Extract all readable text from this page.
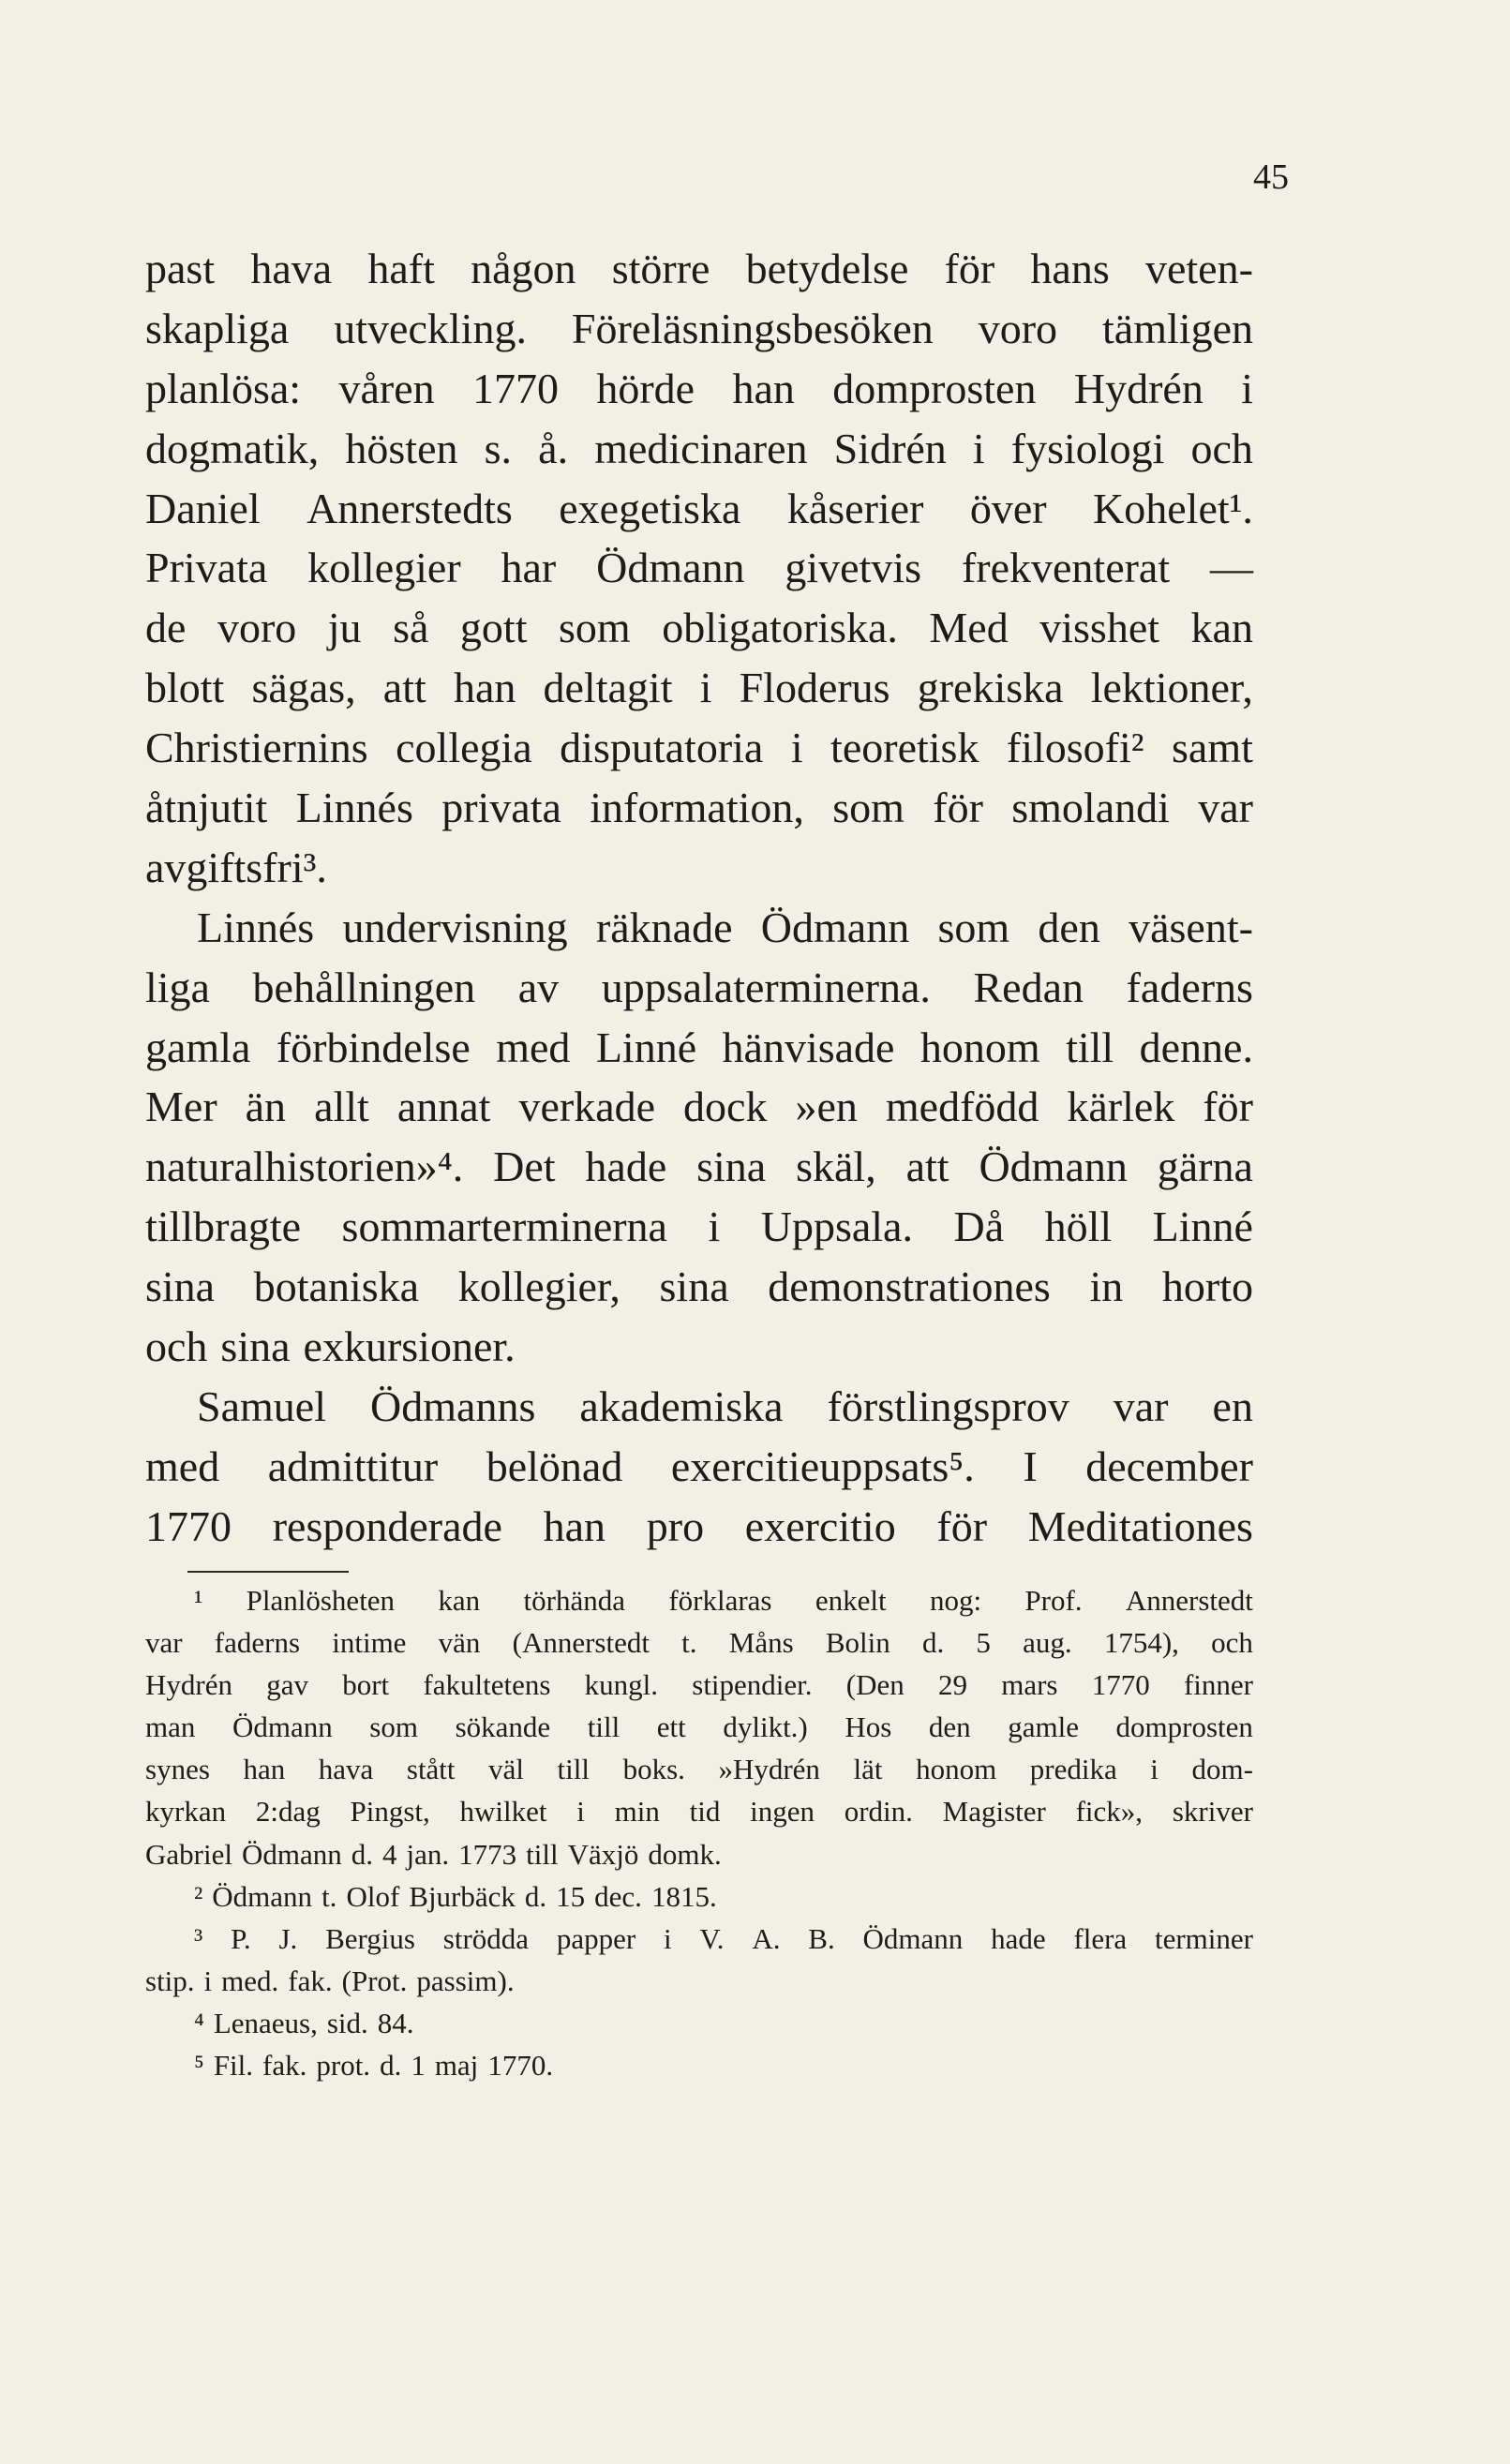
45
past hava haft någon större betydelse för hans veten-
skapliga utveckling. Föreläsningsbesöken voro tämligen
planlösa: våren 1770 hörde han domprosten Hydrén i
dogmatik, hösten s. å. medicinaren Sidrén i fysiologi och
Daniel Annerstedts exegetiska kåserier över Kohelet¹.
Privata kollegier har Ödmann givetvis frekventerat —
de voro ju så gott som obligatoriska. Med visshet kan
blott sägas, att han deltagit i Floderus grekiska lektioner,
Christiernins collegia disputatoria i teoretisk filosofi² samt
åtnjutit Linnés privata information, som för smolandi var
avgiftsfri³.
Linnés undervisning räknade Ödmann som den väsent-
liga behållningen av uppsalaterminerna. Redan faderns
gamla förbindelse med Linné hänvisade honom till denne.
Mer än allt annat verkade dock »en medfödd kärlek för
naturalhistorien»⁴. Det hade sina skäl, att Ödmann gärna
tillbragte sommarterminerna i Uppsala. Då höll Linné
sina botaniska kollegier, sina demonstrationes in horto
och sina exkursioner.
Samuel Ödmanns akademiska förstlingsprov var en
med admittitur belönad exercitieuppsats⁵. I december
1770 responderade han pro exercitio för Meditationes
¹ Planlösheten kan törhända förklaras enkelt nog: Prof. Annerstedt
var faderns intime vän (Annerstedt t. Måns Bolin d. 5 aug. 1754), och
Hydrén gav bort fakultetens kungl. stipendier. (Den 29 mars 1770 finner
man Ödmann som sökande till ett dylikt.) Hos den gamle domprosten
synes han hava stått väl till boks. »Hydrén lät honom predika i dom-
kyrkan 2:dag Pingst, hwilket i min tid ingen ordin. Magister fick», skriver
Gabriel Ödmann d. 4 jan. 1773 till Växjö domk.
² Ödmann t. Olof Bjurbäck d. 15 dec. 1815.
³ P. J. Bergius strödda papper i V. A. B. Ödmann hade flera terminer
stip. i med. fak. (Prot. passim).
⁴ Lenaeus, sid. 84.
⁵ Fil. fak. prot. d. 1 maj 1770.
